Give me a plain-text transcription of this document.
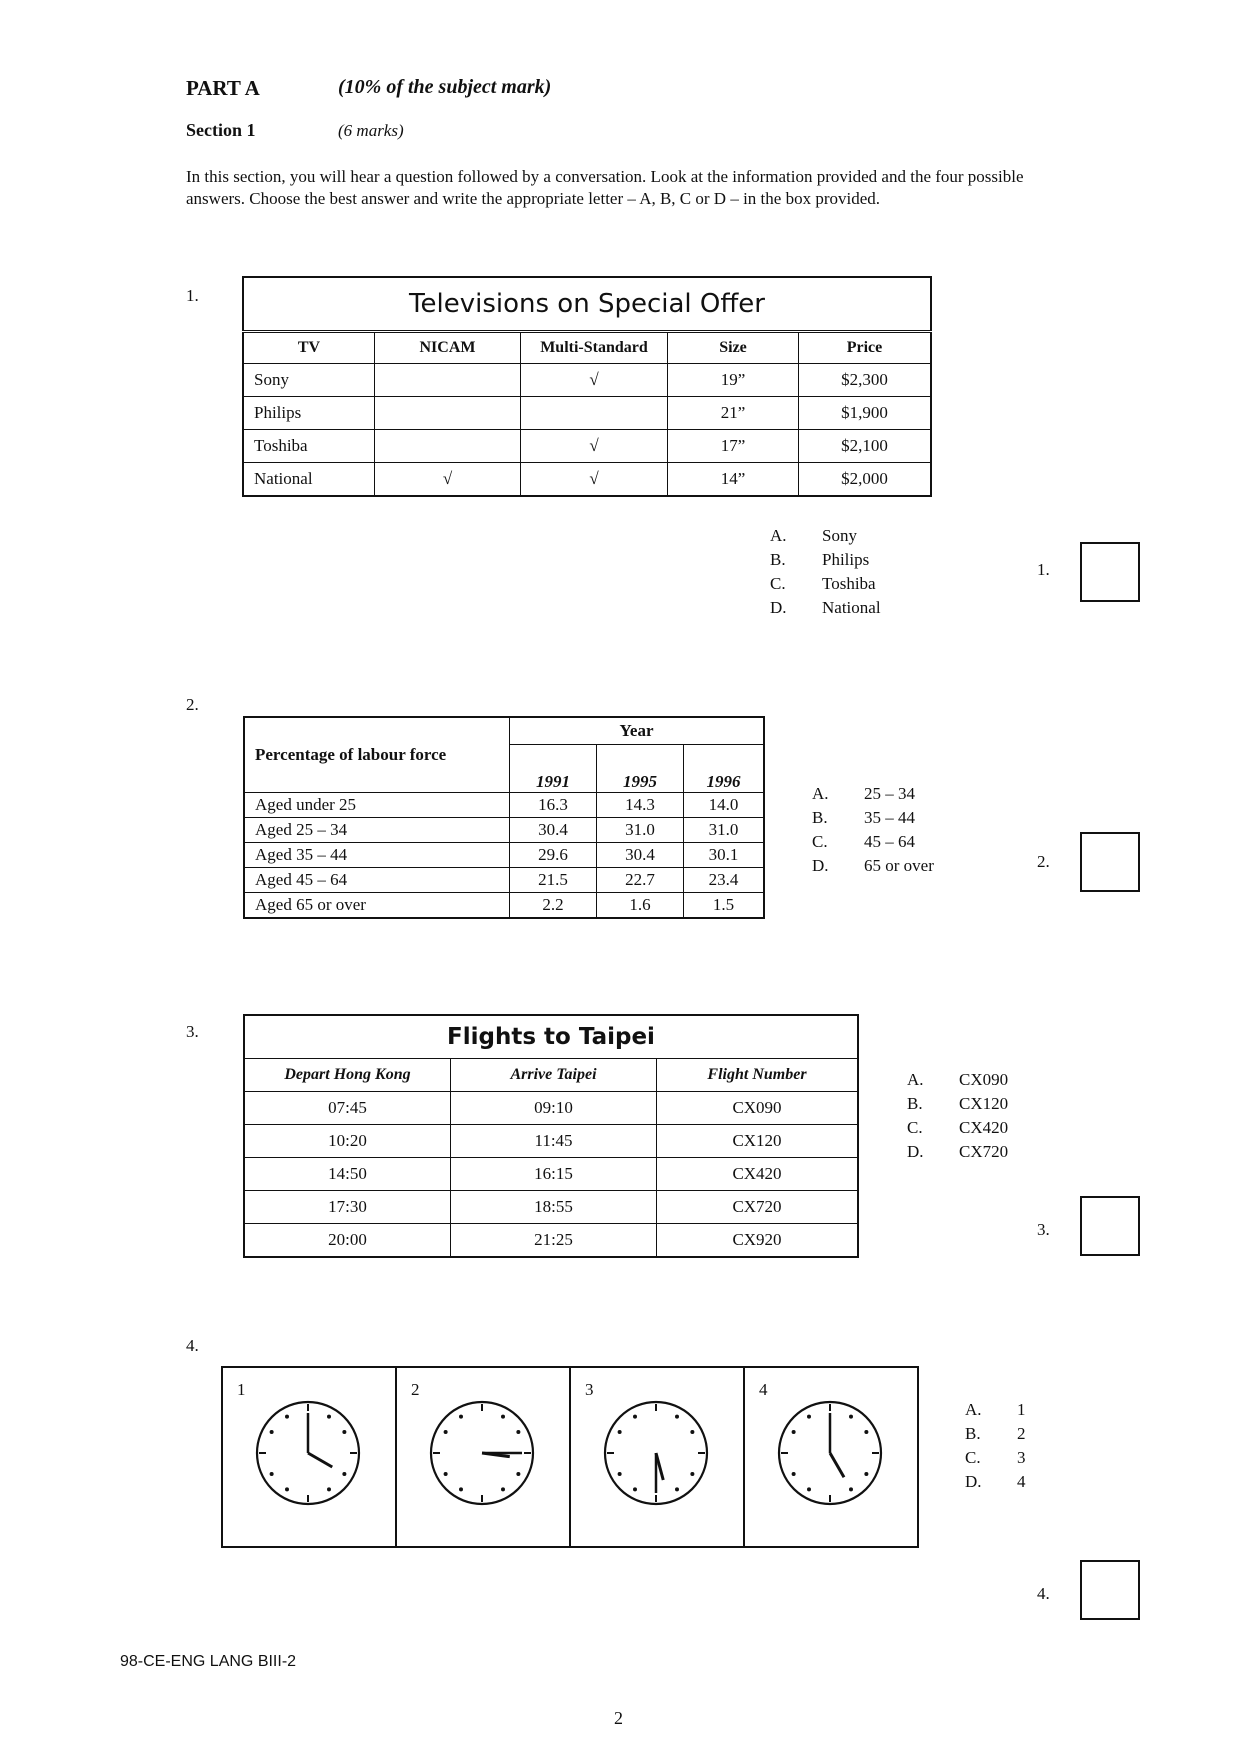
PART A	(10% of the subject mark)
Section 1	(6 marks)
In this section, you will hear a question followed by a conversation. Look at the information provided and the four possible answers. Choose the best answer and write the appropriate letter – A, B, C or D – in the box provided.
1.	Televisions on Special Offer				
TV	NICAM	Multi-Standard	Size	Price
Sony		√	19”	$2,300
Philips			21”	$1,900
Toshiba		√	17”	$2,100
National	√	√	14”	$2,000
A.	Sony
B.	Philips
C.	Toshiba
D.	National
1.
2.
Percentage of labour force	Year		
	1991	1995	1996
Aged under 25	16.3	14.3	14.0
Aged 25 – 34	30.4	31.0	31.0
Aged 35 – 44	29.6	30.4	30.1
Aged 45 – 64	21.5	22.7	23.4
Aged 65 or over	2.2	1.6	1.5
A.	25 – 34
B.	35 – 44
C.	45 – 64
D.	65 or over	2.
3.	Flights to Taipei		
Depart Hong Kong	Arrive Taipei	Flight Number
07:45	09:10	CX090
10:20	11:45	CX120
14:50	16:15	CX420
17:30	18:55	CX720
20:00	21:25	CX920
A.	CX090
B.	CX120
C.	CX420
D.	CX720
3.
4.
1	2	3	4
A.	1
B.	2
C.	3
D.	4
4.
98-CE-ENG LANG BIII-2
2
